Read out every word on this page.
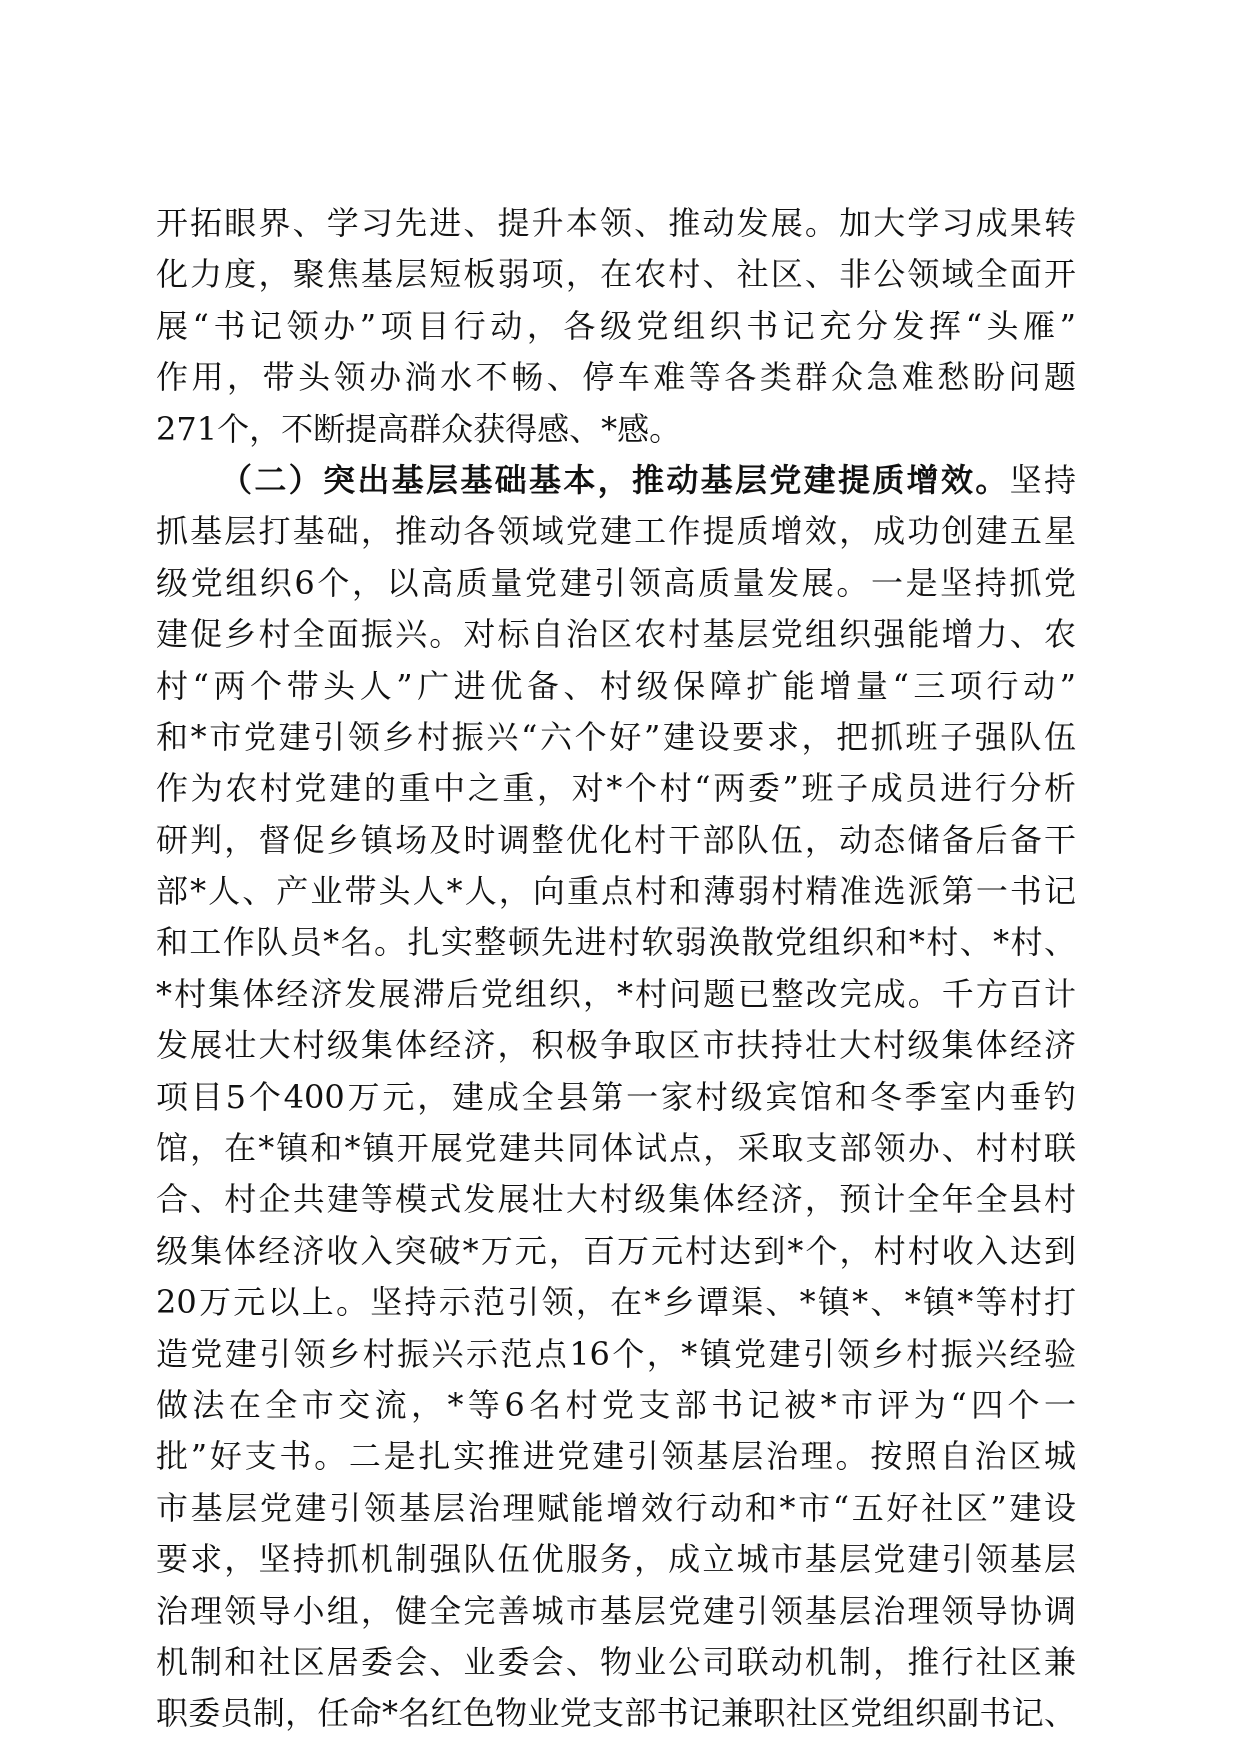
开拓眼界、学习先进、提升本领、推动发展。加大学习成果转
化力度，聚焦基层短板弱项，在农村、社区、非公领域全面开
展“书记领办”项目行动，各级党组织书记充分发挥“头雁”
作用，带头领办淌水不畅、停车难等各类群众急难愁盼问题
271个，不断提高群众获得感、*感。
（二）突出基层基础基本，推动基层党建提质增效。坚持
抓基层打基础，推动各领域党建工作提质增效，成功创建五星
级党组织6个，以高质量党建引领高质量发展。一是坚持抓党
建促乡村全面振兴。对标自治区农村基层党组织强能增力、农
村“两个带头人”广进优备、村级保障扩能增量“三项行动”
和*市党建引领乡村振兴“六个好”建设要求，把抓班子强队伍
作为农村党建的重中之重，对*个村“两委”班子成员进行分析
研判，督促乡镇场及时调整优化村干部队伍，动态储备后备干
部*人、产业带头人*人，向重点村和薄弱村精准选派第一书记
和工作队员*名。扎实整顿先进村软弱涣散党组织和*村、*村、
*村集体经济发展滞后党组织，*村问题已整改完成。千方百计
发展壮大村级集体经济，积极争取区市扶持壮大村级集体经济
项目5个400万元，建成全县第一家村级宾馆和冬季室内垂钓
馆，在*镇和*镇开展党建共同体试点，采取支部领办、村村联
合、村企共建等模式发展壮大村级集体经济，预计全年全县村
级集体经济收入突破*万元，百万元村达到*个，村村收入达到
20万元以上。坚持示范引领，在*乡谭渠、*镇*、*镇*等村打
造党建引领乡村振兴示范点16个，*镇党建引领乡村振兴经验
做法在全市交流，*等6名村党支部书记被*市评为“四个一
批”好支书。二是扎实推进党建引领基层治理。按照自治区城
市基层党建引领基层治理赋能增效行动和*市“五好社区”建设
要求，坚持抓机制强队伍优服务，成立城市基层党建引领基层
治理领导小组，健全完善城市基层党建引领基层治理领导协调
机制和社区居委会、业委会、物业公司联动机制，推行社区兼
职委员制，任命*名红色物业党支部书记兼职社区党组织副书记、
